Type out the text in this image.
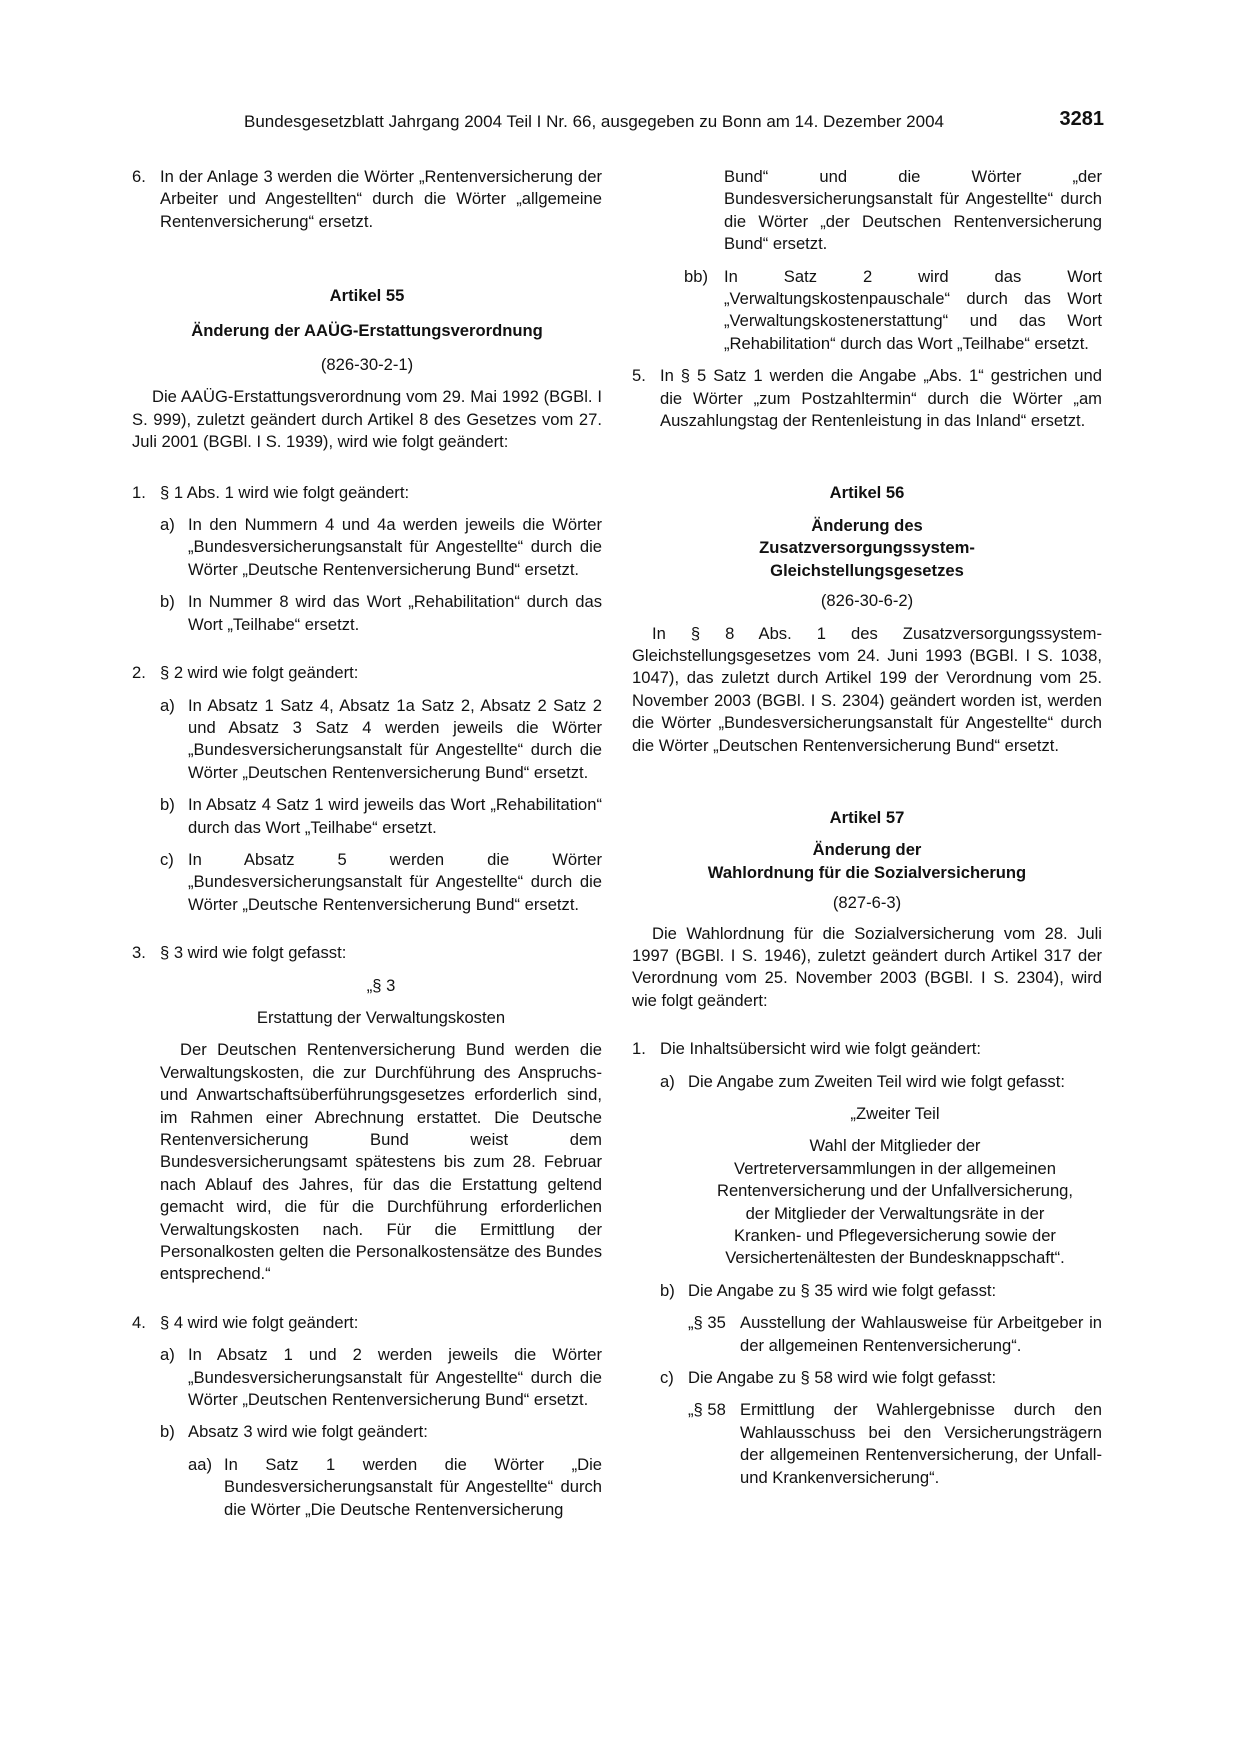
Bundesgesetzblatt Jahrgang 2004 Teil I Nr. 66, ausgegeben zu Bonn am 14. Dezember 2004	3281
6. In der Anlage 3 werden die Wörter „Rentenversicherung der Arbeiter und Angestellten“ durch die Wörter „allgemeine Rentenversicherung“ ersetzt.

Artikel 55

Änderung der AAÜG-Erstattungsverordnung

(826-30-2-1)

Die AAÜG-Erstattungsverordnung vom 29. Mai 1992 (BGBl. I S. 999), zuletzt geändert durch Artikel 8 des Gesetzes vom 27. Juli 2001 (BGBl. I S. 1939), wird wie folgt geändert:

1. § 1 Abs. 1 wird wie folgt geändert:
a) In den Nummern 4 und 4a werden jeweils die Wörter „Bundesversicherungsanstalt für Angestellte“ durch die Wörter „Deutsche Rentenversicherung Bund“ ersetzt.
b) In Nummer 8 wird das Wort „Rehabilitation“ durch das Wort „Teilhabe“ ersetzt.
2. § 2 wird wie folgt geändert:
a) In Absatz 1 Satz 4, Absatz 1a Satz 2, Absatz 2 Satz 2 und Absatz 3 Satz 4 werden jeweils die Wörter „Bundesversicherungsanstalt für Angestellte“ durch die Wörter „Deutschen Rentenversicherung Bund“ ersetzt.
b) In Absatz 4 Satz 1 wird jeweils das Wort „Rehabilitation“ durch das Wort „Teilhabe“ ersetzt.
c) In Absatz 5 werden die Wörter „Bundesversicherungsanstalt für Angestellte“ durch die Wörter „Deutsche Rentenversicherung Bund“ ersetzt.
3. § 3 wird wie folgt gefasst:

„§ 3

Erstattung der Verwaltungskosten

Der Deutschen Rentenversicherung Bund werden die Verwaltungskosten, die zur Durchführung des Anspruchs- und Anwartschaftsüberführungsgesetzes erforderlich sind, im Rahmen einer Abrechnung erstattet. Die Deutsche Rentenversicherung Bund weist dem Bundesversicherungsamt spätestens bis zum 28. Februar nach Ablauf des Jahres, für das die Erstattung geltend gemacht wird, die für die Durchführung erforderlichen Verwaltungskosten nach. Für die Ermittlung der Personalkosten gelten die Personalkostensätze des Bundes entsprechend.“

4. § 4 wird wie folgt geändert:
a) In Absatz 1 und 2 werden jeweils die Wörter „Bundesversicherungsanstalt für Angestellte“ durch die Wörter „Deutschen Rentenversicherung Bund“ ersetzt.
b) Absatz 3 wird wie folgt geändert:
aa) In Satz 1 werden die Wörter „Die Bundesversicherungsanstalt für Angestellte“ durch die Wörter „Die Deutsche Rentenversicherung

Bund“ und die Wörter „der Bundesversicherungsanstalt für Angestellte“ durch die Wörter „der Deutschen Rentenversicherung Bund“ ersetzt.

bb) In Satz 2 wird das Wort „Verwaltungskostenpauschale“ durch das Wort „Verwaltungskostenerstattung“ und das Wort „Rehabilitation“ durch das Wort „Teilhabe“ ersetzt.
5. In § 5 Satz 1 werden die Angabe „Abs. 1“ gestrichen und die Wörter „zum Postzahltermin“ durch die Wörter „am Auszahlungstag der Rentenleistung in das Inland“ ersetzt.

Artikel 56

Änderung des

Zusatzversorgungssystem-

Gleichstellungsgesetzes

(826-30-6-2)

In § 8 Abs. 1 des Zusatzversorgungssystem-Gleichstellungsgesetzes vom 24. Juni 1993 (BGBl. I S. 1038, 1047), das zuletzt durch Artikel 199 der Verordnung vom 25. November 2003 (BGBl. I S. 2304) geändert worden ist, werden die Wörter „Bundesversicherungsanstalt für Angestellte“ durch die Wörter „Deutschen Rentenversicherung Bund“ ersetzt.

Artikel 57

Änderung der

Wahlordnung für die Sozialversicherung

(827-6-3)

Die Wahlordnung für die Sozialversicherung vom 28. Juli 1997 (BGBl. I S. 1946), zuletzt geändert durch Artikel 317 der Verordnung vom 25. November 2003 (BGBl. I S. 2304), wird wie folgt geändert:

1. Die Inhaltsübersicht wird wie folgt geändert:
a) Die Angabe zum Zweiten Teil wird wie folgt gefasst:

„Zweiter Teil

Wahl der Mitglieder der

Vertreterversammlungen in der allgemeinen

Rentenversicherung und der Unfallversicherung,

der Mitglieder der Verwaltungsräte in der

Kranken- und Pflegeversicherung sowie der

Versichertenältesten der Bundesknappschaft“.

b) Die Angabe zu § 35 wird wie folgt gefasst:
„§ 35 Ausstellung der Wahlausweise für Arbeitgeber in der allgemeinen Rentenversicherung“.
c) Die Angabe zu § 58 wird wie folgt gefasst:
„§ 58 Ermittlung der Wahlergebnisse durch den Wahlausschuss bei den Versicherungsträgern der allgemeinen Rentenversicherung, der Unfall- und Krankenversicherung“.
